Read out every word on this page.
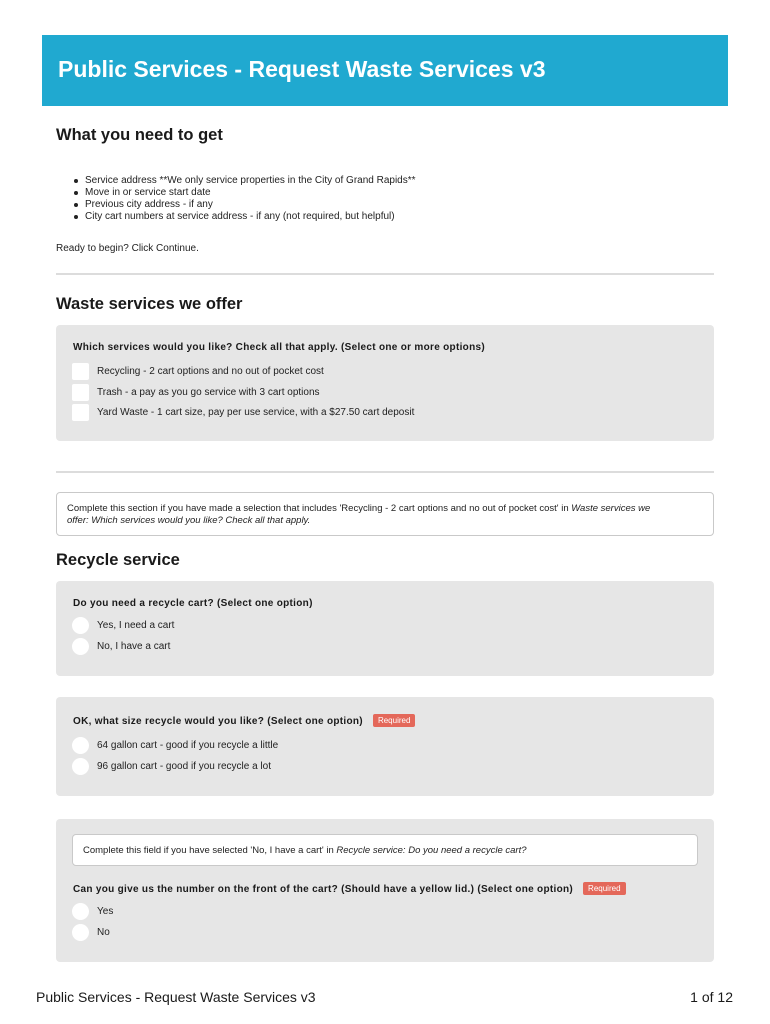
Public Services - Request Waste Services v3
What you need to get
Service address **We only service properties in the City of Grand Rapids**
Move in or service start date
Previous city address - if any
City cart numbers at service address - if any (not required, but helpful)
Ready to begin? Click Continue.
Waste services we offer
Which services would you like? Check all that apply. (Select one or more options)
Recycling - 2 cart options and no out of pocket cost
Trash - a pay as you go service with 3 cart options
Yard Waste - 1 cart size, pay per use service, with a $27.50 cart deposit
Complete this section if you have made a selection that includes 'Recycling - 2 cart options and no out of pocket cost' in Waste services we
offer: Which services would you like? Check all that apply.
Recycle service
Do you need a recycle cart? (Select one option)
Yes, I need a cart
No, I have a cart
OK, what size recycle would you like? (Select one option) Required
64 gallon cart - good if you recycle a little
96 gallon cart - good if you recycle a lot
Complete this field if you have selected 'No, I have a cart' in Recycle service: Do you need a recycle cart?
Can you give us the number on the front of the cart? (Should have a yellow lid.) (Select one option) Required
Yes
No
Public Services - Request Waste Services v3	1 of 12
